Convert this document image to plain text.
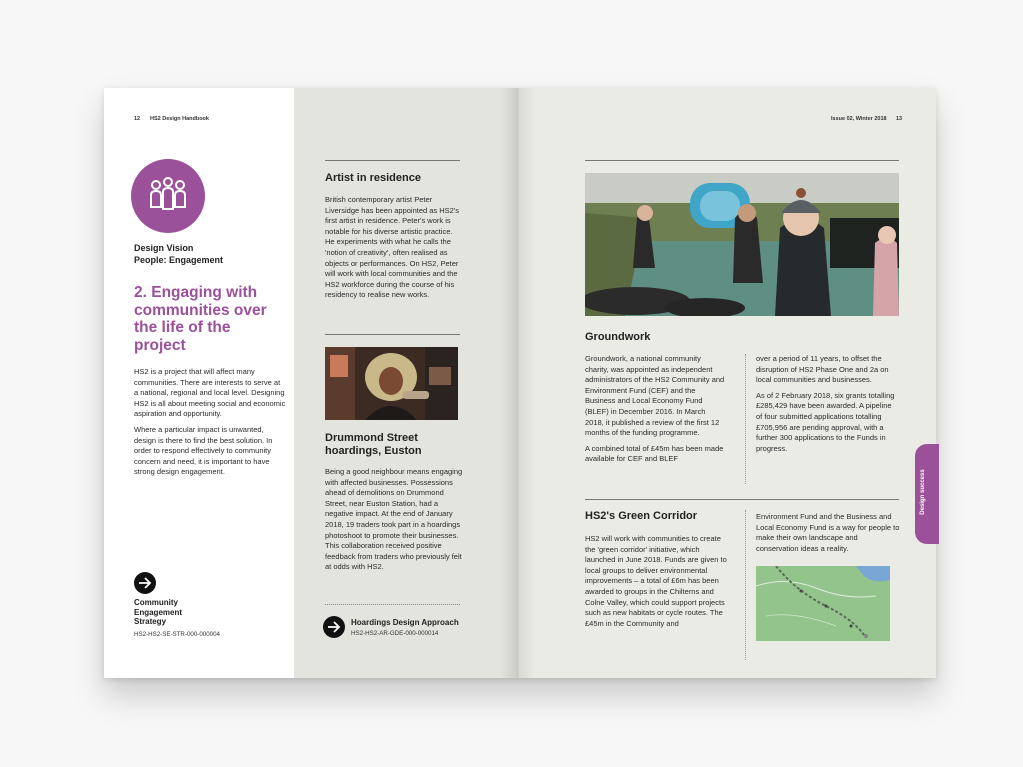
12 HS2 Design Handbook
Design Vision
People: Engagement
2. Engaging with communities over the life of the project

HS2 is a project that will affect many communities. There are interests to serve at a national, regional and local level. Designing HS2 is all about meeting social and economic aspiration and opportunity.

Where a particular impact is unwanted, design is there to find the best solution. In order to respond effectively to community concern and need, it is important to have strong design engagement.

Community Engagement Strategy
HS2-HS2-SE-STR-000-000004
Artist in residence
British contemporary artist Peter Liversidge has been appointed as HS2's first artist in residence. Peter's work is notable for his diverse artistic practice. He experiments with what he calls the 'notion of creativity', often realised as objects or performances. On HS2, Peter will work with local communities and the HS2 workforce during the course of his residency to realise new works.
Drummond Street hoardings, Euston
Being a good neighbour means engaging with affected businesses. Possessions ahead of demolitions on Drummond Street, near Euston Station, had a negative impact. At the end of January 2018, 19 traders took part in a hoardings photoshoot to promote their businesses. This collaboration received positive feedback from traders who previously felt at odds with HS2.
Hoardings Design Approach
HS2-HS2-AR-GDE-000-000014
Issue 02, Winter 2018 13
Groundwork

Groundwork, a national community charity, was appointed as independent administrators of the HS2 Community and Environment Fund (CEF) and the Business and Local Economy Fund (BLEF) in December 2016. In March 2018, it published a review of the first 12 months of the funding programme.

A combined total of £45m has been made available for CEF and BLEF

over a period of 11 years, to offset the disruption of HS2 Phase One and 2a on local communities and businesses.

As of 2 February 2018, six grants totalling £285,429 have been awarded. A pipeline of four submitted applications totalling £705,956 are pending approval, with a further 300 applications to the Funds in progress.

HS2's Green Corridor
HS2 will work with communities to create the 'green corridor' initiative, which launched in June 2018. Funds are given to local groups to deliver environmental improvements – a total of £6m has been awarded to groups in the Chilterns and Colne Valley, which could support projects such as new habitats or cycle routes. The £45m in the Community and
Environment Fund and the Business and Local Economy Fund is a way for people to make their own landscape and conservation ideas a reality.
Design success
